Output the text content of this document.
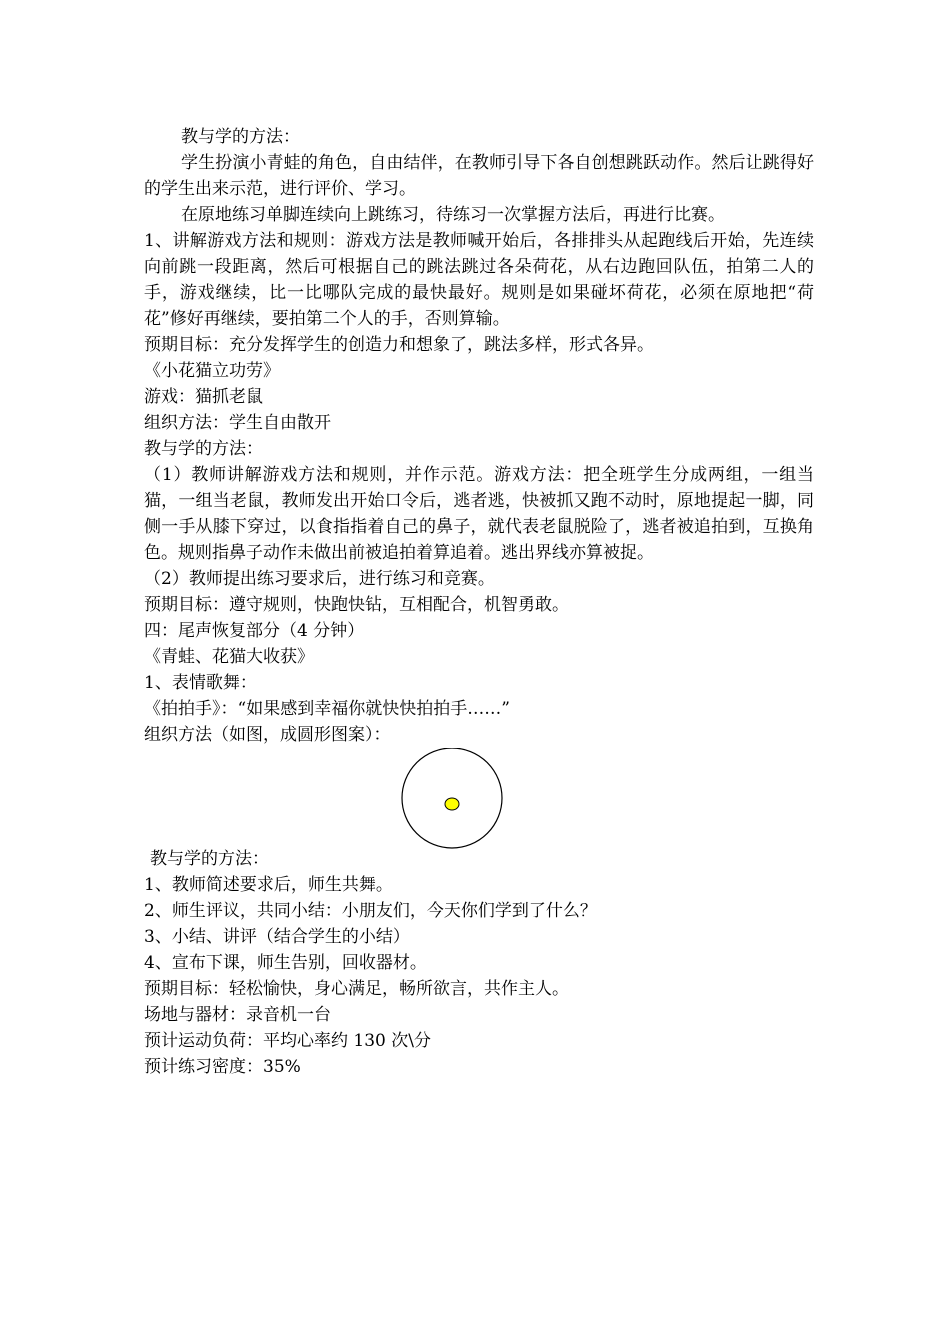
教与学的方法：

学生扮演小青蛙的角色，自由结伴，在教师引导下各自创想跳跃动作。然后让跳得好的学生出来示范，进行评价、学习。

在原地练习单脚连续向上跳练习，待练习一次掌握方法后，再进行比赛。

1、讲解游戏方法和规则：游戏方法是教师喊开始后，各排排头从起跑线后开始，先连续向前跳一段距离，然后可根据自己的跳法跳过各朵荷花，从右边跑回队伍，拍第二人的手，游戏继续，比一比哪队完成的最快最好。规则是如果碰坏荷花，必须在原地把“荷花”修好再继续，要拍第二个人的手，否则算输。

预期目标：充分发挥学生的创造力和想象了，跳法多样，形式各异。

《小花猫立功劳》

游戏：猫抓老鼠

组织方法：学生自由散开

教与学的方法：

（1）教师讲解游戏方法和规则，并作示范。游戏方法：把全班学生分成两组，一组当猫，一组当老鼠，教师发出开始口令后，逃者逃，快被抓又跑不动时，原地提起一脚，同侧一手从膝下穿过，以食指指着自己的鼻子，就代表老鼠脱险了，逃者被追拍到，互换角色。规则指鼻子动作未做出前被追拍着算追着。逃出界线亦算被捉。

（2）教师提出练习要求后，进行练习和竞赛。

预期目标：遵守规则，快跑快钻，互相配合，机智勇敢。

四：尾声恢复部分（4 分钟）

《青蛙、花猫大收获》

1、表情歌舞：

《拍拍手》：“如果感到幸福你就快快拍拍手……”

组织方法（如图，成圆形图案）：

教与学的方法：

1、教师简述要求后，师生共舞。

2、师生评议，共同小结：小朋友们，今天你们学到了什么？

3、小结、讲评（结合学生的小结）

4、宣布下课，师生告别，回收器材。

预期目标：轻松愉快，身心满足，畅所欲言，共作主人。

场地与器材：录音机一台

预计运动负荷：平均心率约 130 次\分

预计练习密度：35%
